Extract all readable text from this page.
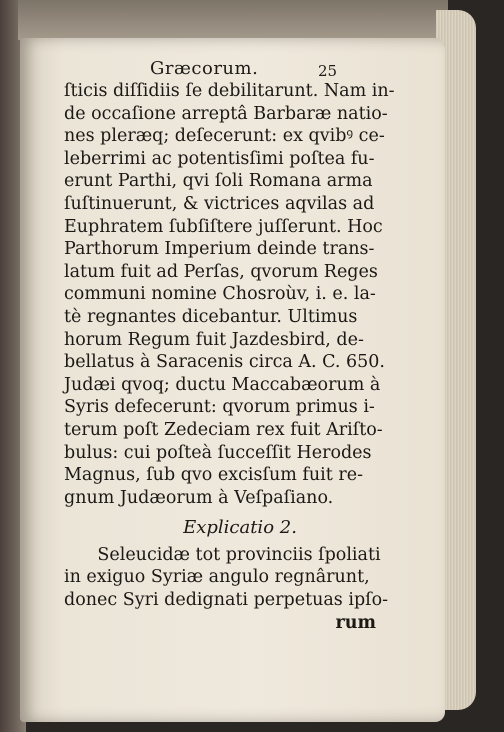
Græcorum.	25
ſticis diſſidiis ſe debilitarunt. Nam in-
de occaſione arreptâ Barbaræ natio-
nes pleræq; deſecerunt: ex qvibꝰ ce-
leberrimi ac potentisſimi poſtea fu-
erunt Parthi, qvi ſoli Romana arma
ſuſtinuerunt, & victrices aqvilas ad
Euphratem ſubſiſtere juſſerunt. Hoc
Parthorum Imperium deinde trans-
latum fuit ad Perſas, qvorum Reges
communi nomine Chosroùv, i. e. la-
tè regnantes dicebantur. Ultimus
horum Regum fuit Jazdesbird, de-
bellatus à Saracenis circa A. C. 650.
Judæi qvoq; ductu Maccabæorum à
Syris defecerunt: qvorum primus i-
terum poſt Zedeciam rex fuit Ariſto-
bulus: cui poſteà ſucceſſit Herodes
Magnus, ſub qvo excisſum fuit re-
gnum Judæorum à Veſpaſiano.
Explicatio 2.
Seleucidæ tot provinciis ſpoliati
in exiguo Syriæ angulo regnârunt,
donec Syri dedignati perpetuas ipſo-
rum
